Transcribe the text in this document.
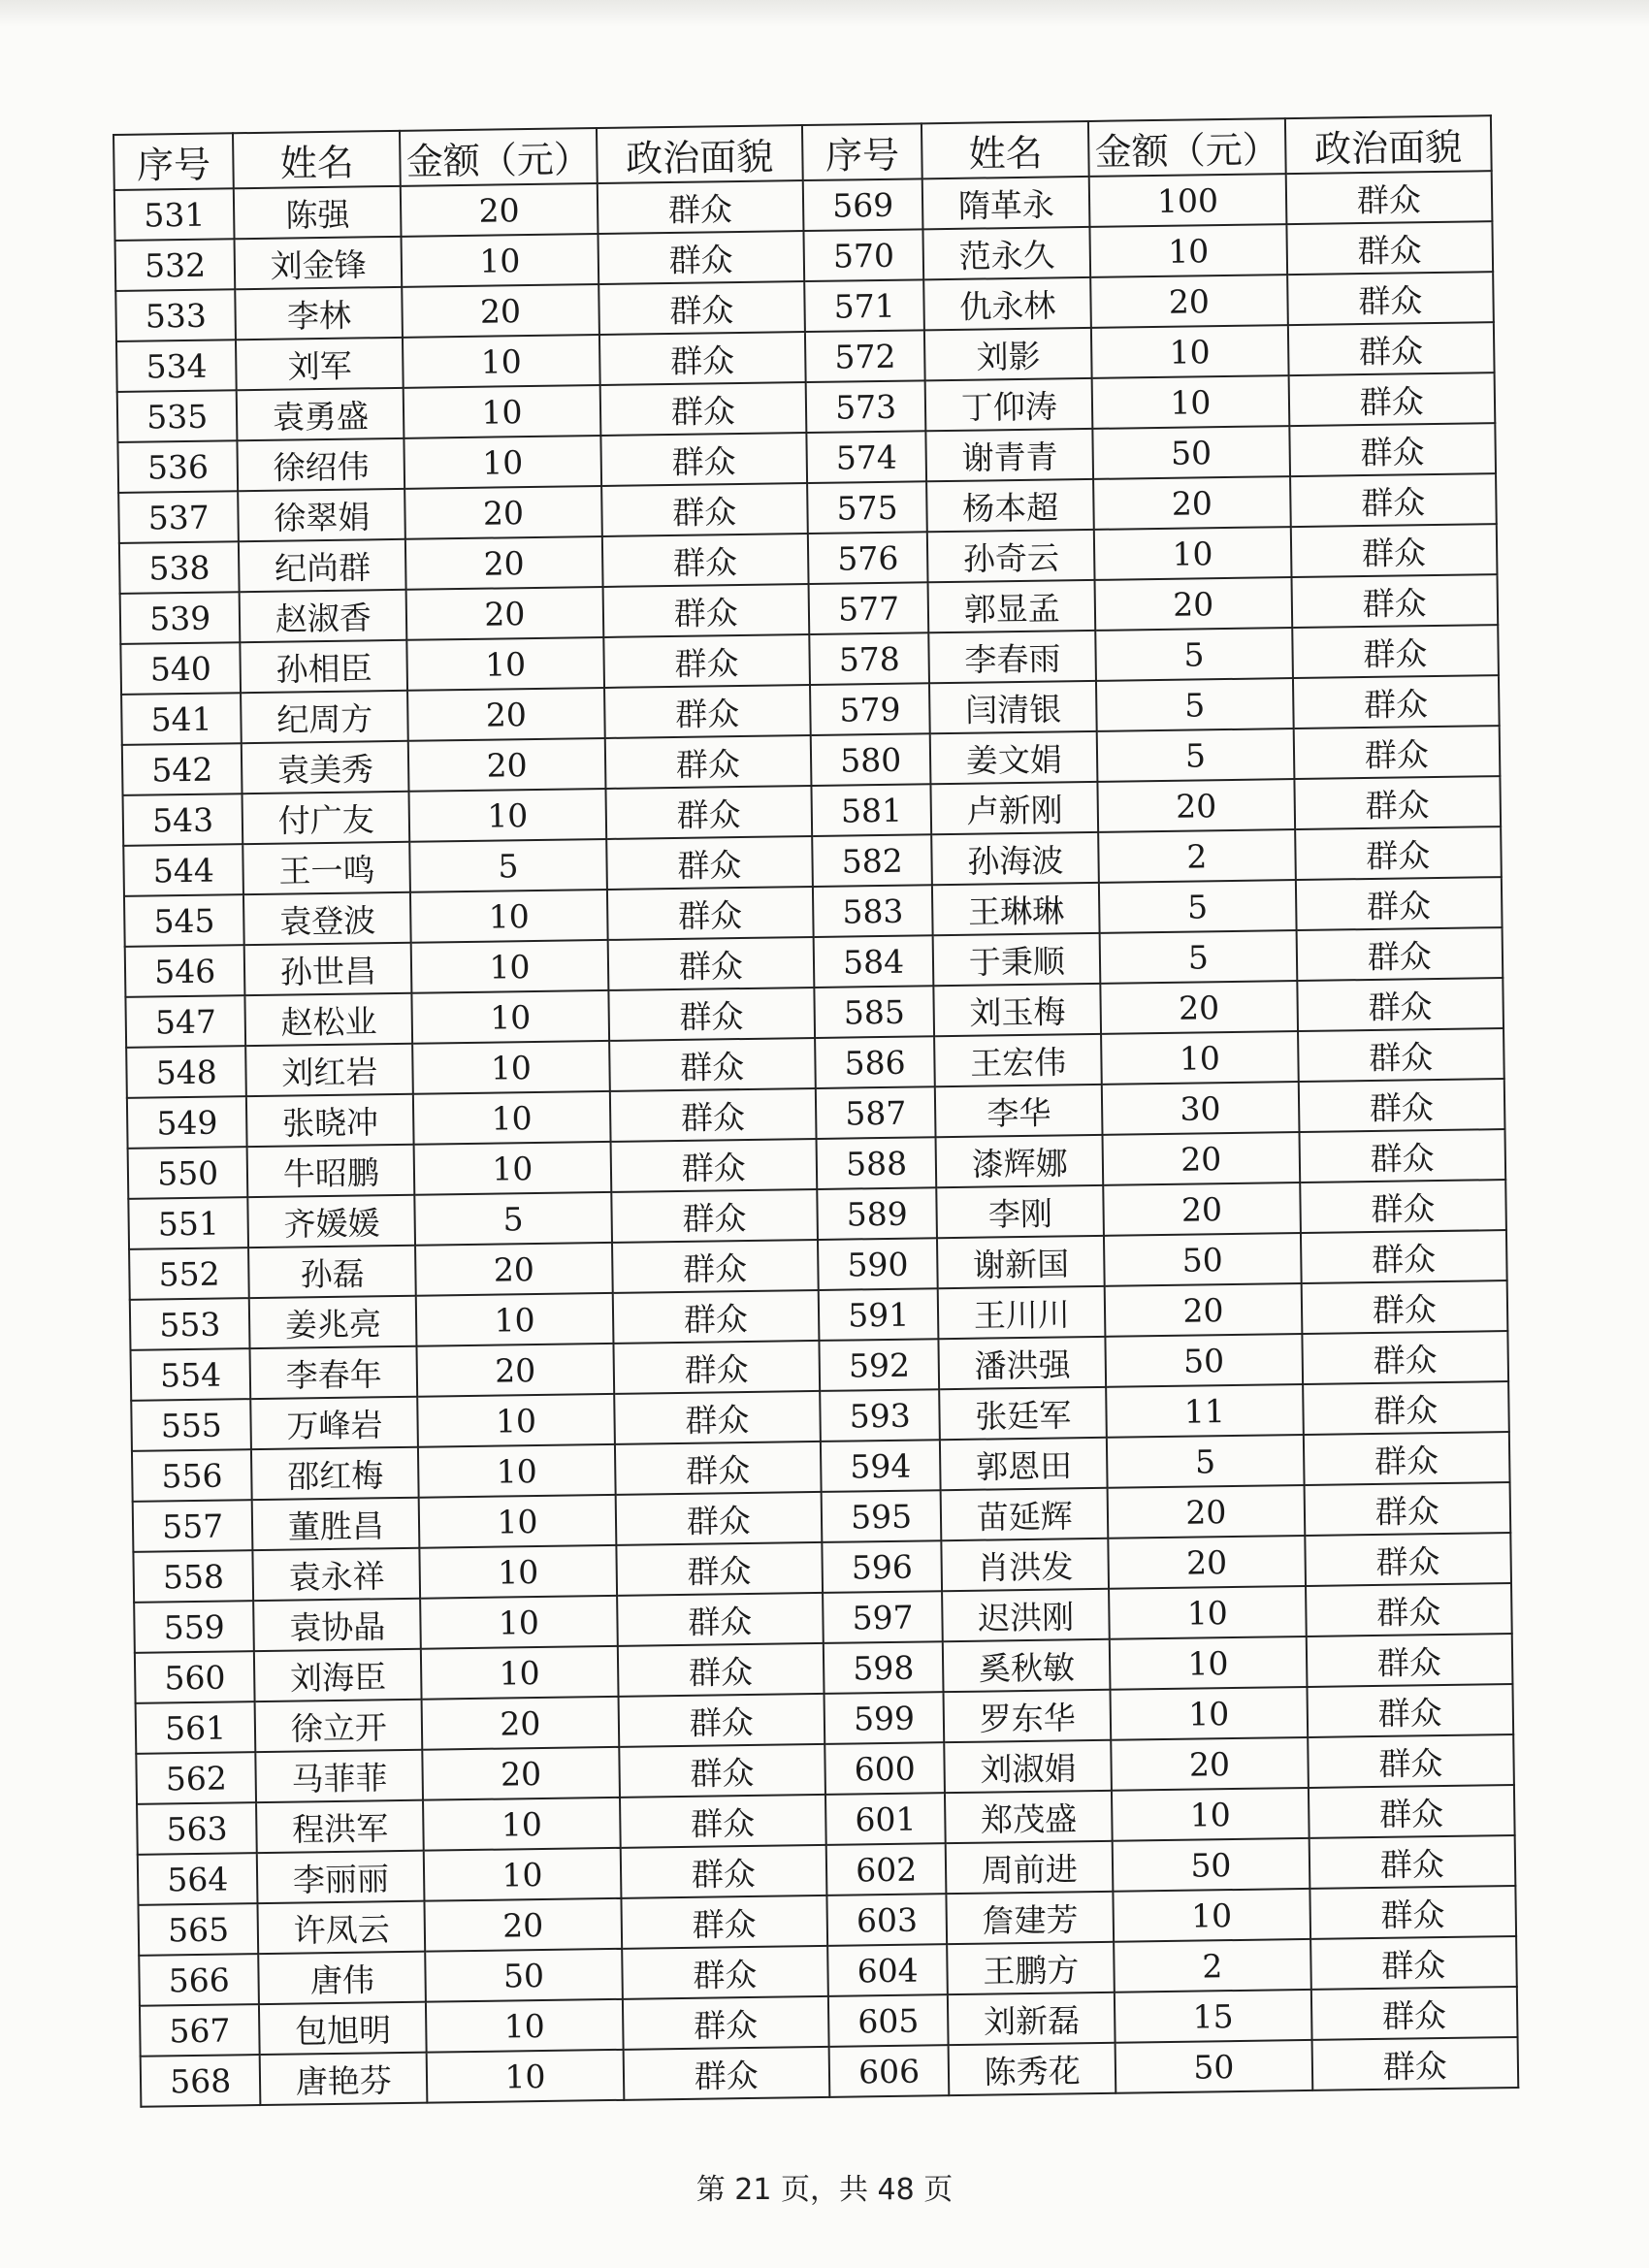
序号	姓名	金额（元）	政治面貌	序号	姓名	金额（元）	政治面貌
531	陈强	20	群众	569	隋革永	100	群众
532	刘金锋	10	群众	570	范永久	10	群众
533	李林	20	群众	571	仇永林	20	群众
534	刘军	10	群众	572	刘影	10	群众
535	袁勇盛	10	群众	573	丁仰涛	10	群众
536	徐绍伟	10	群众	574	谢青青	50	群众
537	徐翠娟	20	群众	575	杨本超	20	群众
538	纪尚群	20	群众	576	孙奇云	10	群众
539	赵淑香	20	群众	577	郭显孟	20	群众
540	孙相臣	10	群众	578	李春雨	5	群众
541	纪周方	20	群众	579	闫清银	5	群众
542	袁美秀	20	群众	580	姜文娟	5	群众
543	付广友	10	群众	581	卢新刚	20	群众
544	王一鸣	5	群众	582	孙海波	2	群众
545	袁登波	10	群众	583	王琳琳	5	群众
546	孙世昌	10	群众	584	于秉顺	5	群众
547	赵松业	10	群众	585	刘玉梅	20	群众
548	刘红岩	10	群众	586	王宏伟	10	群众
549	张晓冲	10	群众	587	李华	30	群众
550	牛昭鹏	10	群众	588	漆辉娜	20	群众
551	齐媛媛	5	群众	589	李刚	20	群众
552	孙磊	20	群众	590	谢新国	50	群众
553	姜兆亮	10	群众	591	王川川	20	群众
554	李春年	20	群众	592	潘洪强	50	群众
555	万峰岩	10	群众	593	张廷军	11	群众
556	邵红梅	10	群众	594	郭恩田	5	群众
557	董胜昌	10	群众	595	苗延辉	20	群众
558	袁永祥	10	群众	596	肖洪发	20	群众
559	袁协晶	10	群众	597	迟洪刚	10	群众
560	刘海臣	10	群众	598	奚秋敏	10	群众
561	徐立开	20	群众	599	罗东华	10	群众
562	马菲菲	20	群众	600	刘淑娟	20	群众
563	程洪军	10	群众	601	郑茂盛	10	群众
564	李丽丽	10	群众	602	周前进	50	群众
565	许凤云	20	群众	603	詹建芳	10	群众
566	唐伟	50	群众	604	王鹏方	2	群众
567	包旭明	10	群众	605	刘新磊	15	群众
568	唐艳芬	10	群众	606	陈秀花	50	群众
第 21 页，共 48 页
